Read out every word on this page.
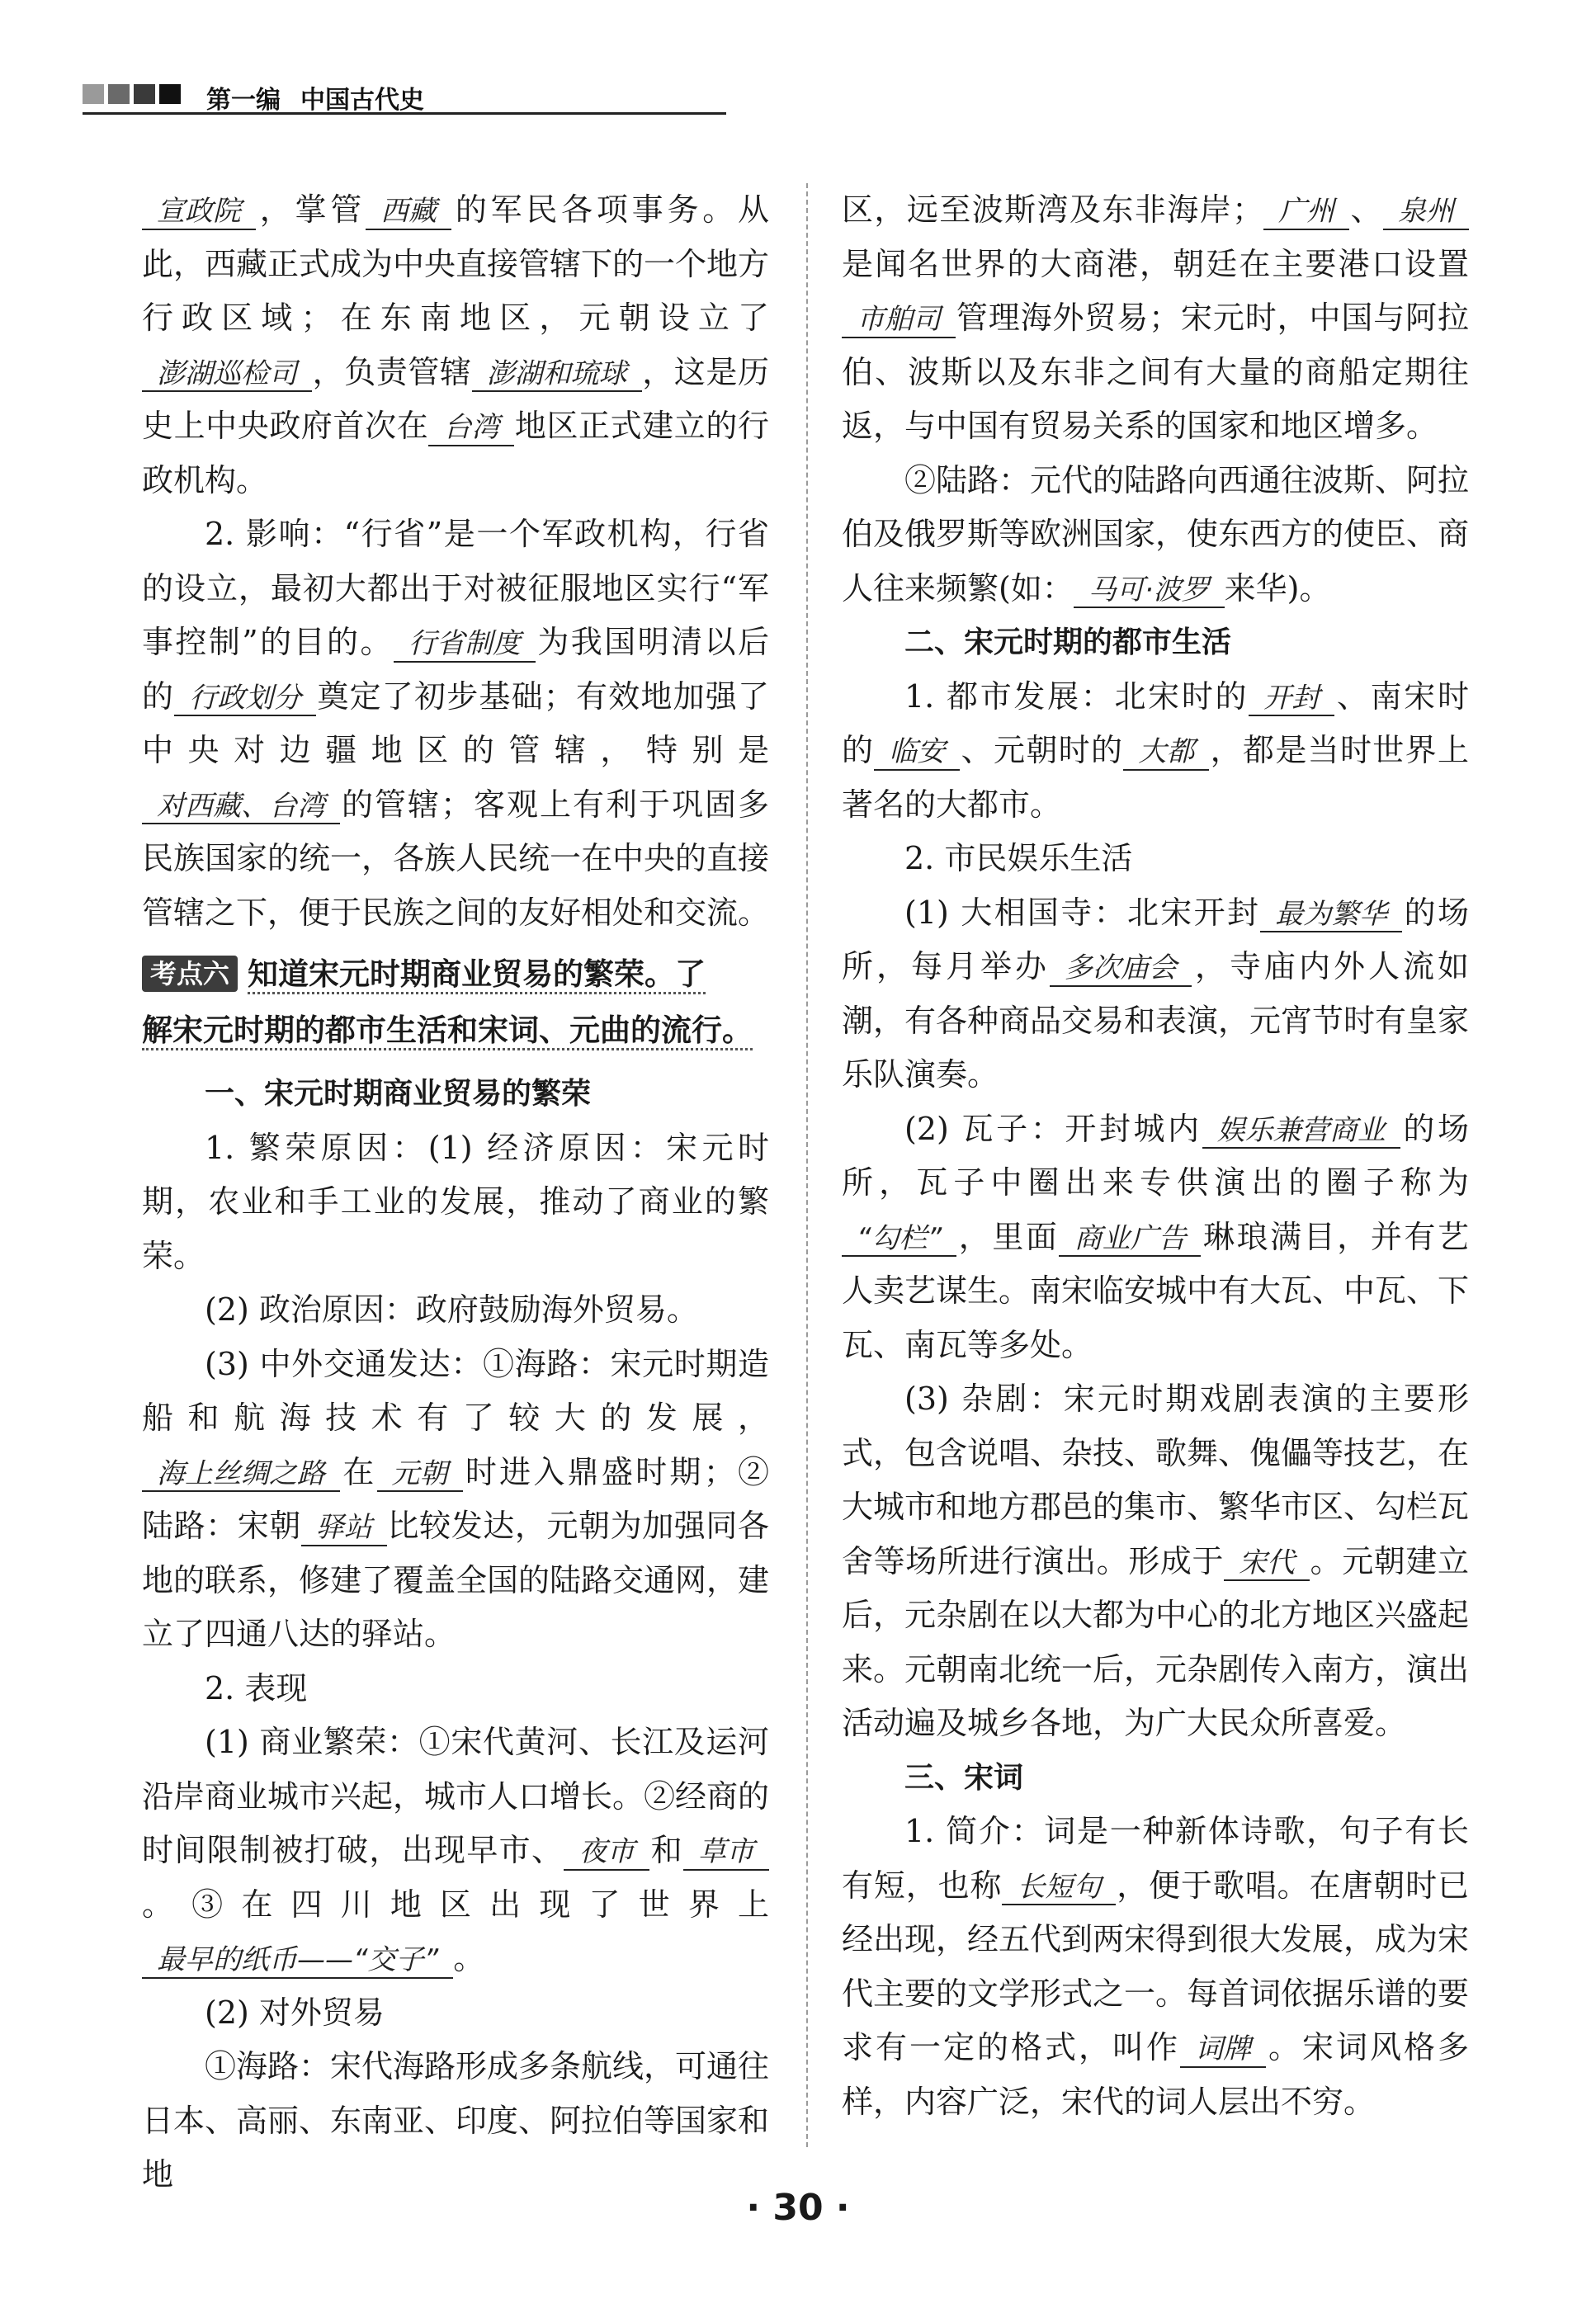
第一编 中国古代史

宣政院 ，掌管 西藏 的军民各项事务。从此，西藏正式成为中央直接管辖下的一个地方行政区域；在东南地区，元朝设立了澎湖巡检司 ，负责管辖 澎湖和琉球 ，这是历史上中央政府首次在 台湾 地区正式建立的行政机构。

2. 影响：“行省”是一个军政机构，行省的设立，最初大都出于对被征服地区实行“军事控制”的目的。 行省制度 为我国明清以后的 行政划分 奠定了初步基础；有效地加强了中央对边疆地区的管辖，特别是对西藏、台湾 的管辖；客观上有利于巩固多民族国家的统一，各族人民统一在中央的直接管辖之下，便于民族之间的友好相处和交流。

考点六 知道宋元时期商业贸易的繁荣。了
解宋元时期的都市生活和宋词、元曲的流行。

一、宋元时期商业贸易的繁荣

1. 繁荣原因：(1) 经济原因：宋元时期，农业和手工业的发展，推动了商业的繁荣。

(2) 政治原因：政府鼓励海外贸易。

(3) 中外交通发达：①海路：宋元时期造船和航海技术有了较大的发展，海上丝绸之路 在 元朝 时进入鼎盛时期；②陆路：宋朝 驿站 比较发达，元朝为加强同各地的联系，修建了覆盖全国的陆路交通网，建立了四通八达的驿站。

2. 表现

(1) 商业繁荣：①宋代黄河、长江及运河沿岸商业城市兴起，城市人口增长。②经商的时间限制被打破，出现早市、 夜市 和 草市。③在四川地区出现了世界上最早的纸币——“交子” 。

(2) 对外贸易

①海路：宋代海路形成多条航线，可通往日本、高丽、东南亚、印度、阿拉伯等国家和地

区，远至波斯湾及东非海岸； 广州 、 泉州是闻名世界的大商港，朝廷在主要港口设置市舶司 管理海外贸易；宋元时，中国与阿拉伯、波斯以及东非之间有大量的商船定期往返，与中国有贸易关系的国家和地区增多。

②陆路：元代的陆路向西通往波斯、阿拉伯及俄罗斯等欧洲国家，使东西方的使臣、商人往来频繁(如： 马可·波罗 来华)。

二、宋元时期的都市生活

1. 都市发展：北宋时的 开封 、南宋时的 临安 、元朝时的 大都 ，都是当时世界上著名的大都市。

2. 市民娱乐生活

(1) 大相国寺：北宋开封 最为繁华 的场所，每月举办 多次庙会 ，寺庙内外人流如潮，有各种商品交易和表演，元宵节时有皇家乐队演奏。

(2) 瓦子：开封城内 娱乐兼营商业 的场所，瓦子中圈出来专供演出的圈子称为“勾栏” ，里面 商业广告 琳琅满目，并有艺人卖艺谋生。南宋临安城中有大瓦、中瓦、下瓦、南瓦等多处。

(3) 杂剧：宋元时期戏剧表演的主要形式，包含说唱、杂技、歌舞、傀儡等技艺，在大城市和地方郡邑的集市、繁华市区、勾栏瓦舍等场所进行演出。形成于 宋代 。元朝建立后，元杂剧在以大都为中心的北方地区兴盛起来。元朝南北统一后，元杂剧传入南方，演出活动遍及城乡各地，为广大民众所喜爱。

三、宋词

1. 简介：词是一种新体诗歌，句子有长有短，也称 长短句 ，便于歌唱。在唐朝时已经出现，经五代到两宋得到很大发展，成为宋代主要的文学形式之一。每首词依据乐谱的要求有一定的格式，叫作 词牌 。宋词风格多样，内容广泛，宋代的词人层出不穷。

· 30 ·
